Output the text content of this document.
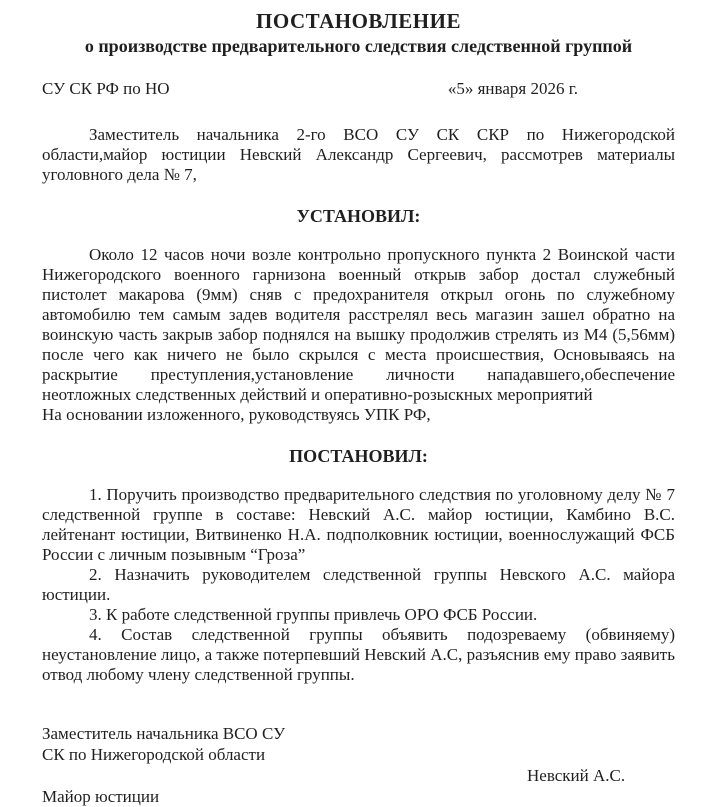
ПОСТАНОВЛЕНИЕ
о производстве предварительного следствия следственной группой
СУ СК РФ по НО	«5» января 2026 г.

Заместитель начальника 2-го ВСО СУ СК СКР по Нижегородской области,майор юстиции Невский Александр Сергеевич, рассмотрев материалы уголовного дела № 7,

УСТАНОВИЛ:

Около 12 часов ночи возле контрольно пропускного пункта 2 Воинской части Нижегородского военного гарнизона военный открыв забор достал служебный пистолет макарова (9мм) сняв с предохранителя открыл огонь по служебному автомобилю тем самым задев водителя расстрелял весь магазин зашел обратно на воинскую часть закрыв забор поднялся на вышку продолжив стрелять из М4 (5,56мм) после чего как ничего не было скрылся с места происшествия, Основываясь на раскрытие преступления,установление личности нападавшего,обеспечение неотложных следственных действий и оперативно-розыскных мероприятий

На основании изложенного, руководствуясь УПК РФ,

ПОСТАНОВИЛ:

1. Поручить производство предварительного следствия по уголовному делу № 7 следственной группе в составе: Невский А.С. майор юстиции, Камбино В.С. лейтенант юстиции, Витвиненко Н.А. подполковник юстиции, военнослужащий ФСБ России с личным позывным “Гроза”

2. Назначить руководителем следственной группы Невского А.С. майора юстиции.

3. К работе следственной группы привлечь ОРО ФСБ России.

4. Состав следственной группы объявить подозреваему (обвиняему) неустановление лицо, а также потерпевший Невский А.С, разъяснив ему право заявить отвод любому члену следственной группы.

Заместитель начальника ВСО СУ
СК по Нижегородской области
Невский А.С.
Майор юстиции
